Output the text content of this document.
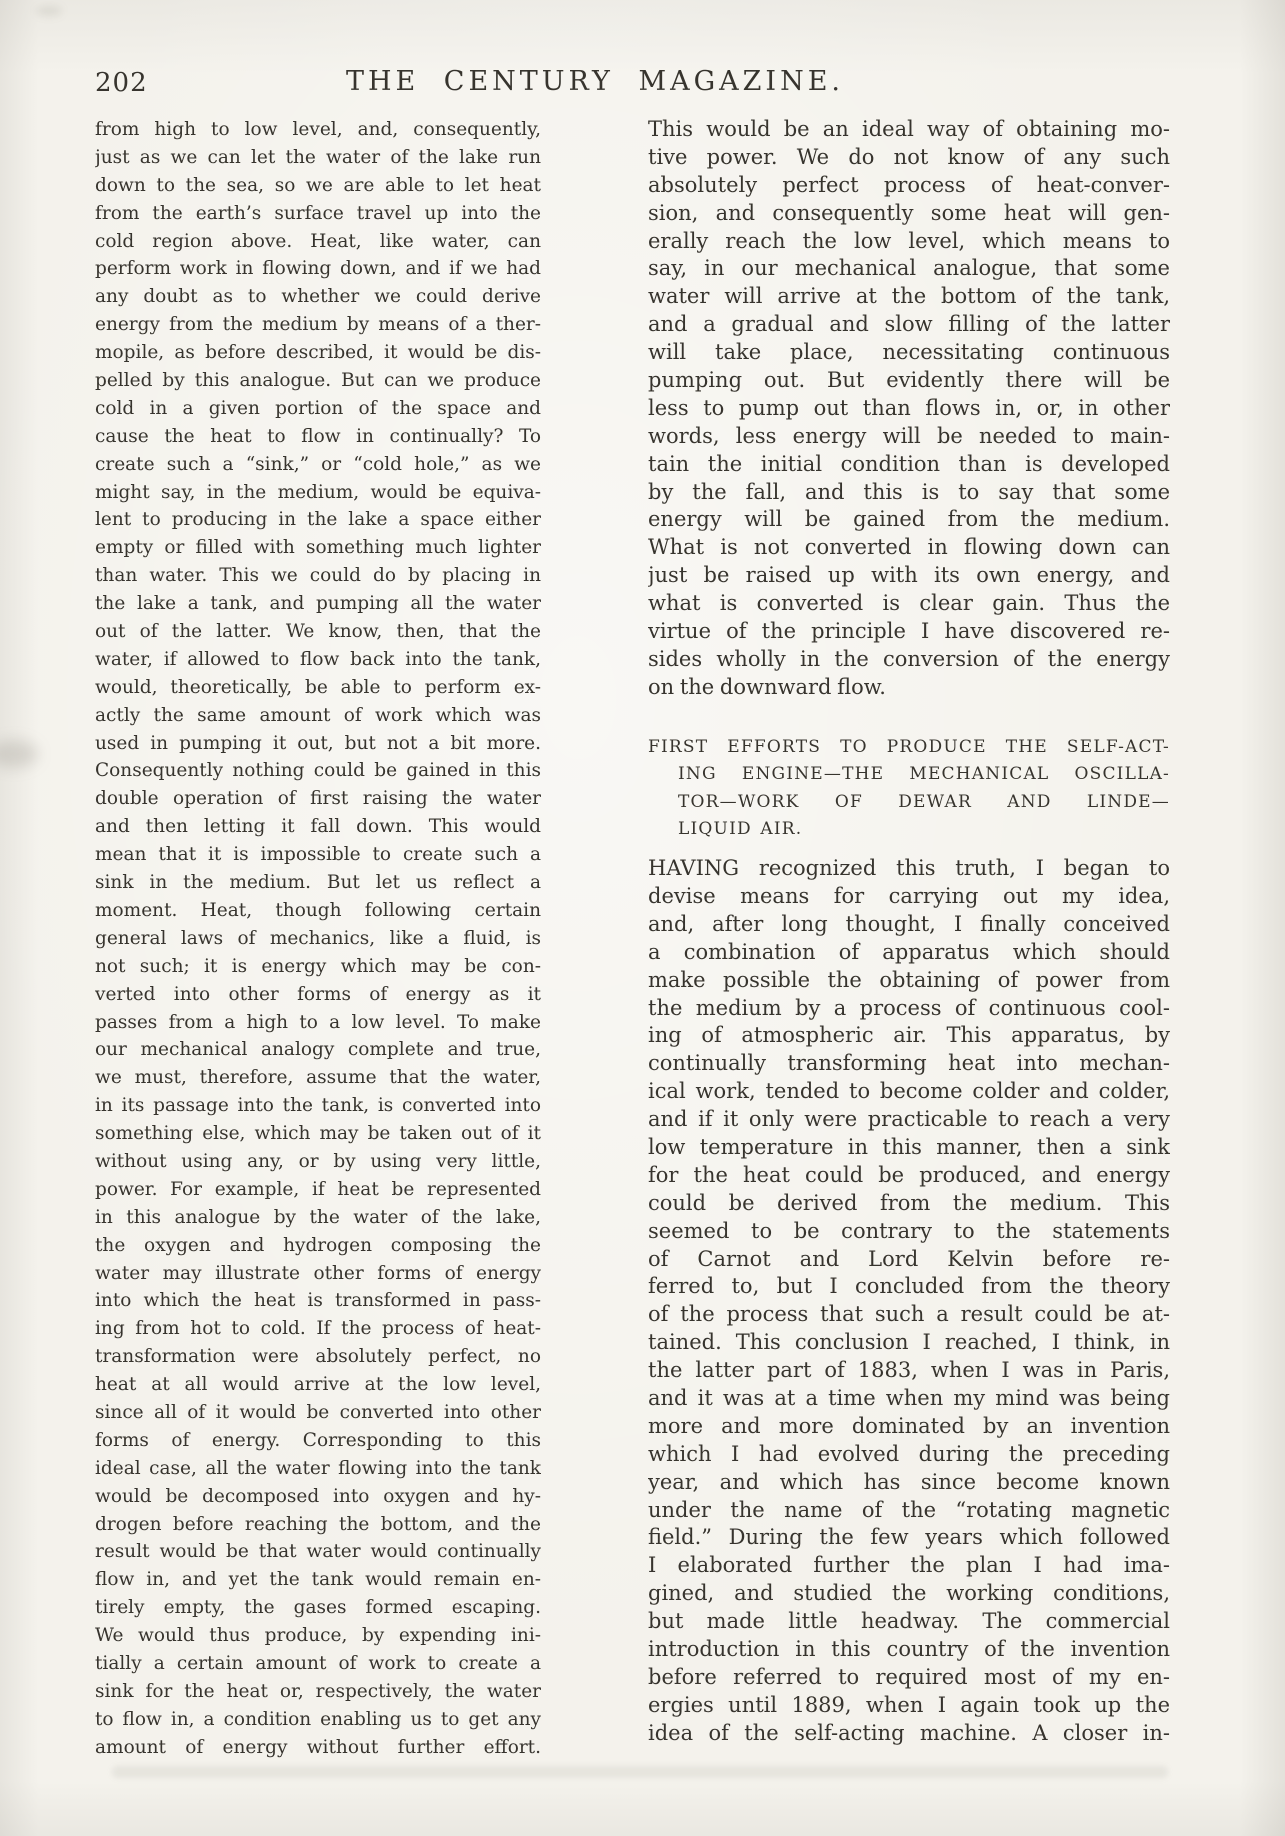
202	THE CENTURY MAGAZINE.
from high to low level, and, consequently,
just as we can let the water of the lake run
down to the sea, so we are able to let heat
from the earth’s surface travel up into the
cold region above. Heat, like water, can
perform work in flowing down, and if we had
any doubt as to whether we could derive
energy from the medium by means of a ther-
mopile, as before described, it would be dis-
pelled by this analogue. But can we produce
cold in a given portion of the space and
cause the heat to flow in continually? To
create such a “sink,” or “cold hole,” as we
might say, in the medium, would be equiva-
lent to producing in the lake a space either
empty or filled with something much lighter
than water. This we could do by placing in
the lake a tank, and pumping all the water
out of the latter. We know, then, that the
water, if allowed to flow back into the tank,
would, theoretically, be able to perform ex-
actly the same amount of work which was
used in pumping it out, but not a bit more.
Consequently nothing could be gained in this
double operation of first raising the water
and then letting it fall down. This would
mean that it is impossible to create such a
sink in the medium. But let us reflect a
moment. Heat, though following certain
general laws of mechanics, like a fluid, is
not such; it is energy which may be con-
verted into other forms of energy as it
passes from a high to a low level. To make
our mechanical analogy complete and true,
we must, therefore, assume that the water,
in its passage into the tank, is converted into
something else, which may be taken out of it
without using any, or by using very little,
power. For example, if heat be represented
in this analogue by the water of the lake,
the oxygen and hydrogen composing the
water may illustrate other forms of energy
into which the heat is transformed in pass-
ing from hot to cold. If the process of heat-
transformation were absolutely perfect, no
heat at all would arrive at the low level,
since all of it would be converted into other
forms of energy. Corresponding to this
ideal case, all the water flowing into the tank
would be decomposed into oxygen and hy-
drogen before reaching the bottom, and the
result would be that water would continually
flow in, and yet the tank would remain en-
tirely empty, the gases formed escaping.
We would thus produce, by expending ini-
tially a certain amount of work to create a
sink for the heat or, respectively, the water
to flow in, a condition enabling us to get any
amount of energy without further effort.
This would be an ideal way of obtaining mo-
tive power. We do not know of any such
absolutely perfect process of heat-conver-
sion, and consequently some heat will gen-
erally reach the low level, which means to
say, in our mechanical analogue, that some
water will arrive at the bottom of the tank,
and a gradual and slow filling of the latter
will take place, necessitating continuous
pumping out. But evidently there will be
less to pump out than flows in, or, in other
words, less energy will be needed to main-
tain the initial condition than is developed
by the fall, and this is to say that some
energy will be gained from the medium.
What is not converted in flowing down can
just be raised up with its own energy, and
what is converted is clear gain. Thus the
virtue of the principle I have discovered re-
sides wholly in the conversion of the energy
on the downward flow.
FIRST EFFORTS TO PRODUCE THE SELF-ACT-
ING ENGINE—THE MECHANICAL OSCILLA-
TOR—WORK OF DEWAR AND LINDE—
LIQUID AIR.
HAVING recognized this truth, I began to
devise means for carrying out my idea,
and, after long thought, I finally conceived
a combination of apparatus which should
make possible the obtaining of power from
the medium by a process of continuous cool-
ing of atmospheric air. This apparatus, by
continually transforming heat into mechan-
ical work, tended to become colder and colder,
and if it only were practicable to reach a very
low temperature in this manner, then a sink
for the heat could be produced, and energy
could be derived from the medium. This
seemed to be contrary to the statements
of Carnot and Lord Kelvin before re-
ferred to, but I concluded from the theory
of the process that such a result could be at-
tained. This conclusion I reached, I think, in
the latter part of 1883, when I was in Paris,
and it was at a time when my mind was being
more and more dominated by an invention
which I had evolved during the preceding
year, and which has since become known
under the name of the “rotating magnetic
field.” During the few years which followed
I elaborated further the plan I had ima-
gined, and studied the working conditions,
but made little headway. The commercial
introduction in this country of the invention
before referred to required most of my en-
ergies until 1889, when I again took up the
idea of the self-acting machine. A closer in-
